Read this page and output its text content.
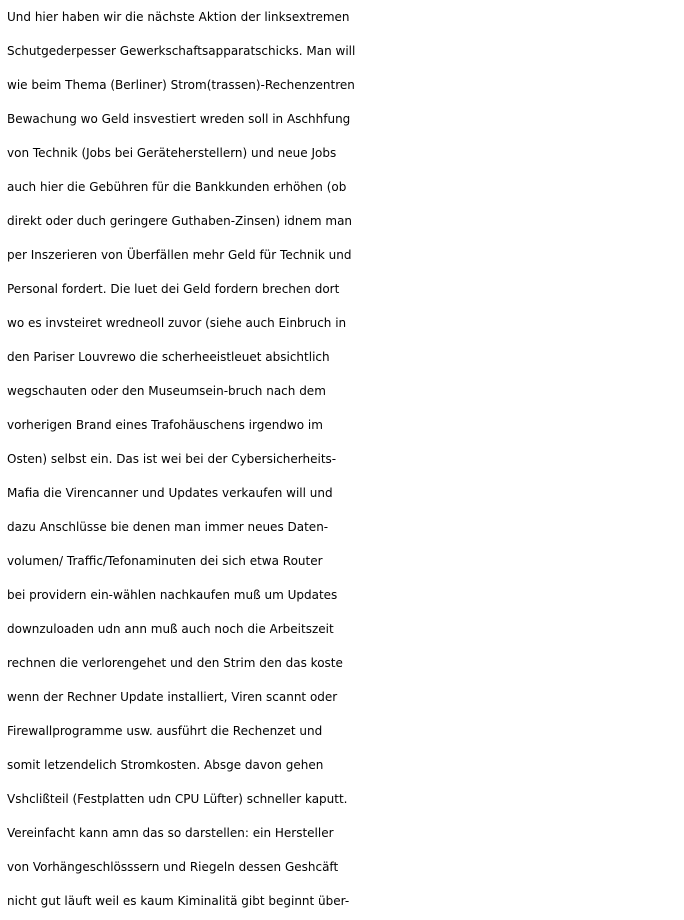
Und hier haben wir die nächste Aktion der linksextremen
Schutgederpesser Gewerkschaftsapparatschicks. Man will
wie beim Thema (Berliner) Strom(trassen)-Rechenzentren
Bewachung wo Geld insvestiert wreden soll in Aschhfung
von Technik (Jobs bei Geräteherstellern) und neue Jobs
auch hier die Gebühren für die Bankkunden erhöhen (ob
direkt oder duch geringere Guthaben-Zinsen) idnem man
per Inszerieren von Überfällen mehr Geld für Technik und
Personal fordert. Die luet dei Geld fordern brechen dort
wo es invsteiret wredneoll zuvor (siehe auch Einbruch in
den Pariser Louvrewo die scherheeistleuet absichtlich
wegschauten oder den Museumsein-bruch nach dem
vorherigen Brand eines Trafohäuschens irgendwo im
Osten) selbst ein. Das ist wei bei der Cybersicherheits-
Mafia die Virencanner und Updates verkaufen will und
dazu Anschlüsse bie denen man immer neues Daten-
volumen/ Traffic/Tefonaminuten dei sich etwa Router
bei providern ein-wählen nachkaufen muß um Updates
downzuloaden udn ann muß auch noch die Arbeitszeit
rechnen die verlorengehet und den Strim den das koste
wenn der Rechner Update installiert, Viren scannt oder
Firewallprogramme usw. ausführt die Rechenzet und
somit letzendelich Stromkosten. Absge davon gehen
Vshclißteil (Festplatten udn CPU Lüfter) schneller kaputt.
Vereinfacht kann amn das so darstellen: ein Hersteller
von Vorhängeschlösssern und Riegeln dessen Geshcäft
nicht gut läuft weil es kaum Kiminalitä gibt beginnt über-
